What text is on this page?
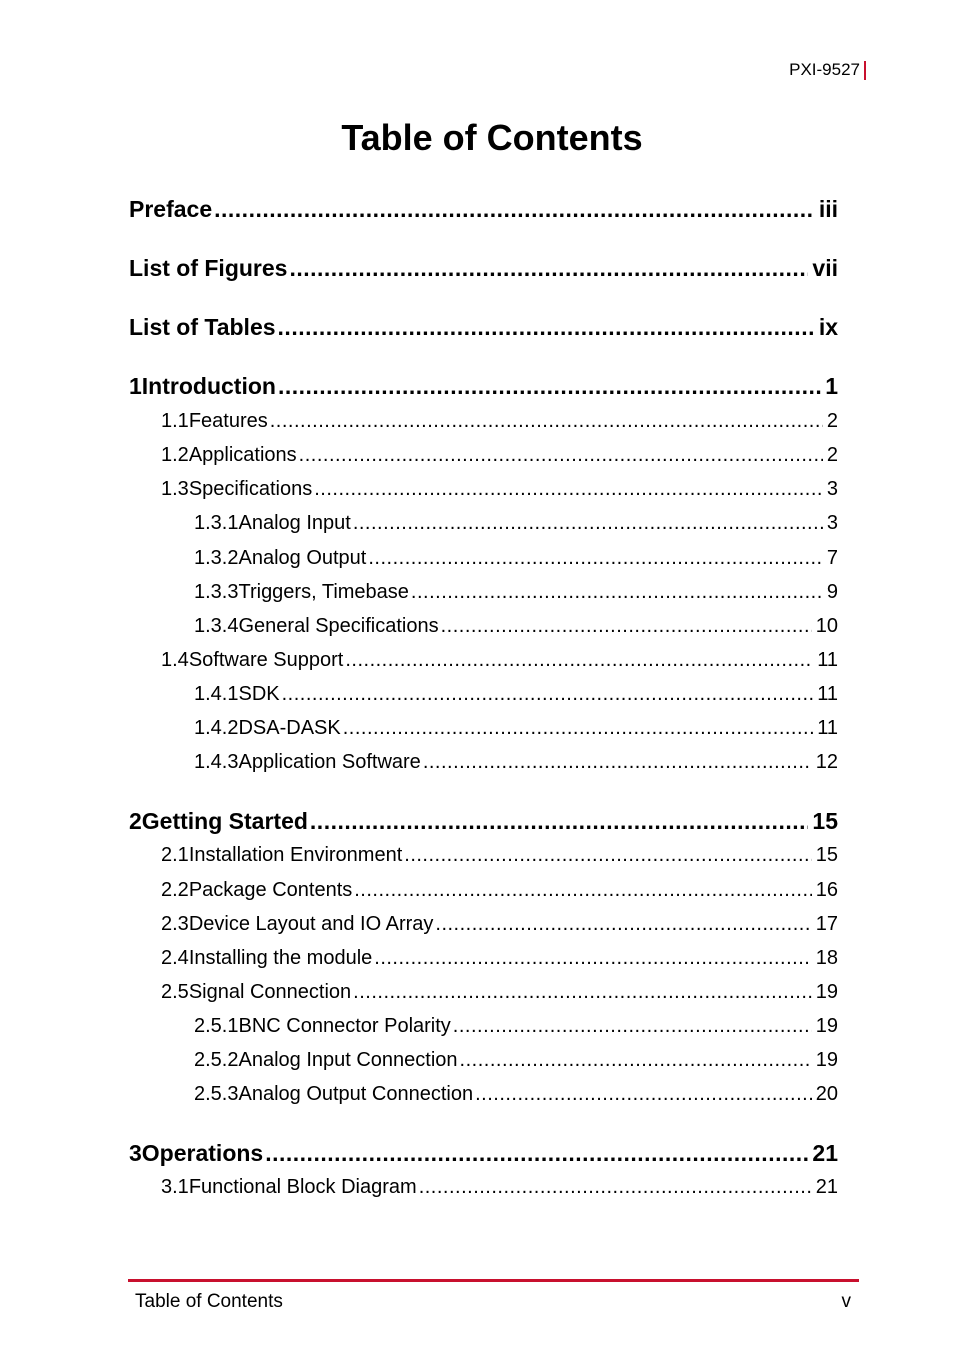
PXI-9527
Table of Contents
Preface .....	iii
List of Figures .....	vii
List of Tables .....	ix
1 Introduction .....	1
1.1 Features .....	2
1.2 Applications .....	2
1.3 Specifications .....	3
1.3.1 Analog Input .....	3
1.3.2 Analog Output .....	7
1.3.3 Triggers, Timebase .....	9
1.3.4 General Specifications .....	10
1.4 Software Support .....	11
1.4.1 SDK .....	11
1.4.2 DSA-DASK .....	11
1.4.3 Application Software .....	12
2 Getting Started .....	15
2.1 Installation Environment .....	15
2.2 Package Contents .....	16
2.3 Device Layout and IO Array .....	17
2.4 Installing the module .....	18
2.5 Signal Connection .....	19
2.5.1 BNC Connector Polarity .....	19
2.5.2 Analog Input Connection .....	19
2.5.3 Analog Output Connection .....	20
3 Operations .....	21
3.1 Functional Block Diagram .....	21
Table of Contents	v
